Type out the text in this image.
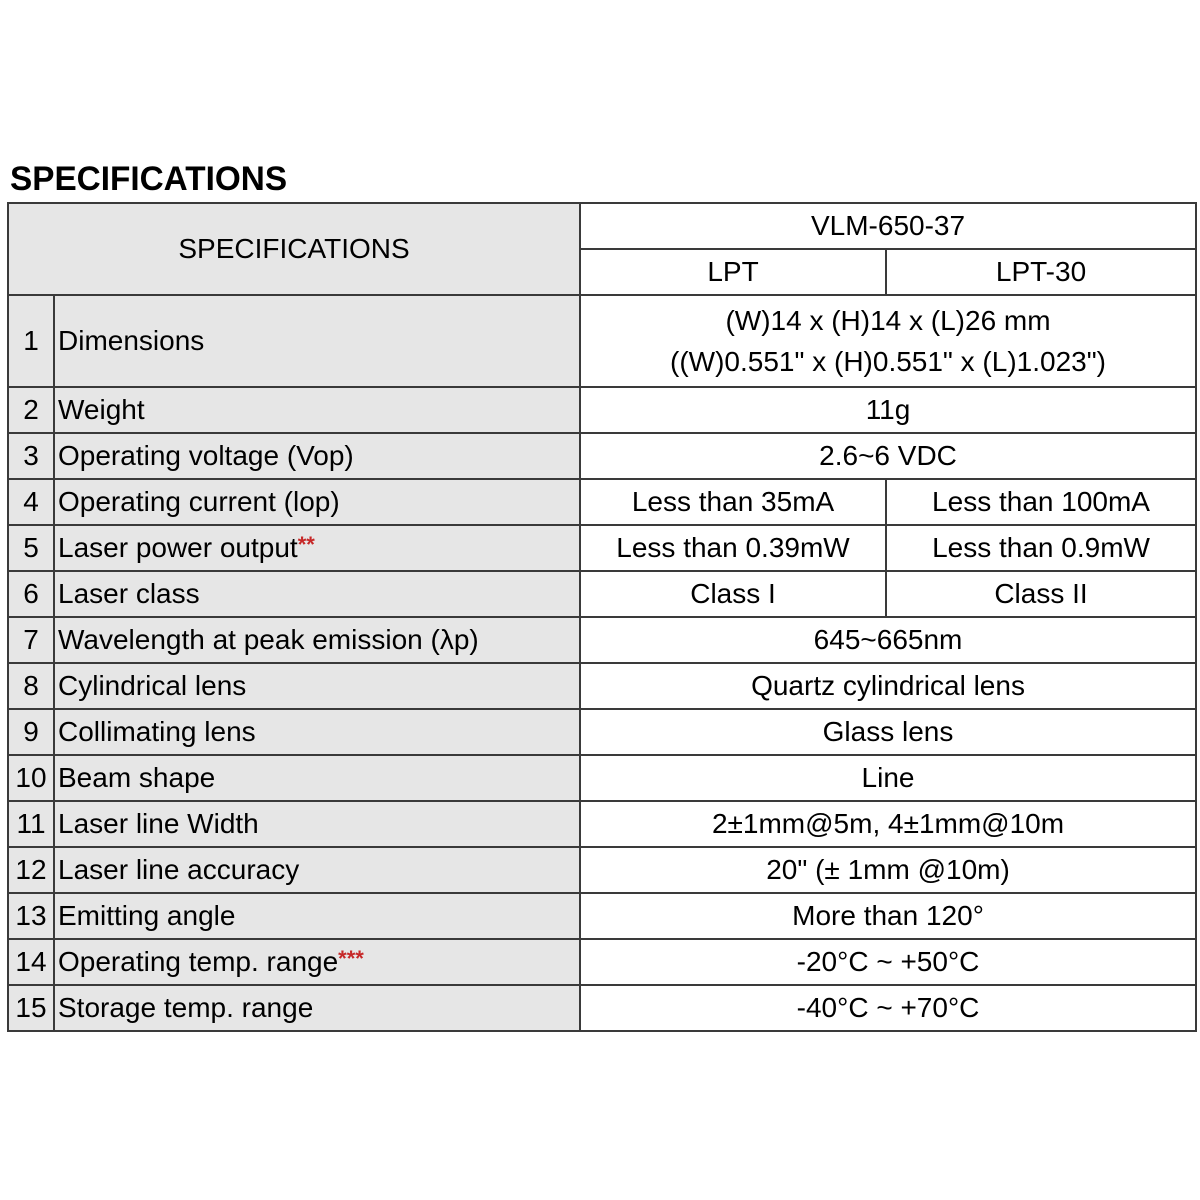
SPECIFICATIONS
SPECIFICATIONS		VLM-650-37	
		LPT	LPT-30
1	Dimensions	(W)14 x (H)14 x (L)26 mm
((W)0.551" x (H)0.551" x (L)1.023")	

2	Weight	11g	
3	Operating voltage (Vop)	2.6~6 VDC	
4	Operating current (lop)	Less than 35mA	Less than 100mA
5	Laser power output**	Less than 0.39mW	Less than 0.9mW
6	Laser class	Class I	Class II
7	Wavelength at peak emission (λp)	645~665nm	
8	Cylindrical lens	Quartz cylindrical lens	
9	Collimating lens	Glass lens	
10	Beam shape	Line	
11	Laser line Width	2±1mm@5m, 4±1mm@10m	
12	Laser line accuracy	20" (± 1mm @10m)	
13	Emitting angle	More than 120°	
14	Operating temp. range***	-20°C ~ +50°C	
15	Storage temp. range	-40°C ~ +70°C	
